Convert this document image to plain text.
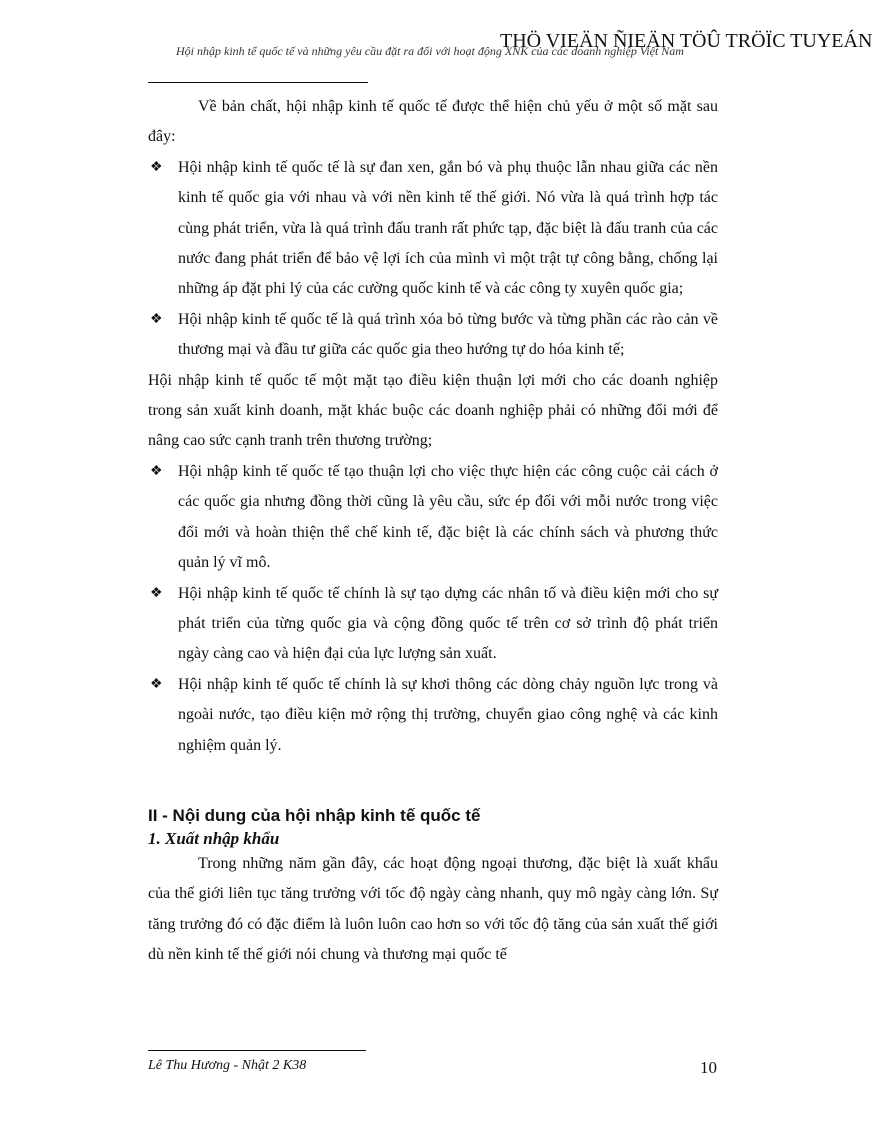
Hội nhập kinh tế quốc tế và những yêu cầu đặt ra đối với hoạt động XNK của các doanh nghiệp Việt Nam
THÖ VIEÄN ÑIEÄN TÖÛ TRÖÏC TUYEÁN

Về bản chất, hội nhập kinh tế quốc tế được thể hiện chủ yếu ở một số mặt sau đây:

❖ Hội nhập kinh tế quốc tế là sự đan xen, gắn bó và phụ thuộc lẫn nhau giữa các nền kinh tế quốc gia với nhau và với nền kinh tế thế giới. Nó vừa là quá trình hợp tác cùng phát triển, vừa là quá trình đấu tranh rất phức tạp, đặc biệt là đấu tranh của các nước đang phát triển để bảo vệ lợi ích của mình vì một trật tự công bằng, chống lại những áp đặt phi lý của các cường quốc kinh tế và các công ty xuyên quốc gia;

❖ Hội nhập kinh tế quốc tế là quá trình xóa bỏ từng bước và từng phần các rào cản về thương mại và đầu tư giữa các quốc gia theo hướng tự do hóa kinh tế;

Hội nhập kinh tế quốc tế một mặt tạo điều kiện thuận lợi mới cho các doanh nghiệp trong sản xuất kinh doanh, mặt khác buộc các doanh nghiệp phải có những đổi mới để nâng cao sức cạnh tranh trên thương trường;

❖ Hội nhập kinh tế quốc tế tạo thuận lợi cho việc thực hiện các công cuộc cải cách ở các quốc gia nhưng đồng thời cũng là yêu cầu, sức ép đối với mỗi nước trong việc đổi mới và hoàn thiện thể chế kinh tế, đặc biệt là các chính sách và phương thức quản lý vĩ mô.

❖ Hội nhập kinh tế quốc tế chính là sự tạo dựng các nhân tố và điều kiện mới cho sự phát triển của từng quốc gia và cộng đồng quốc tế trên cơ sở trình độ phát triển ngày càng cao và hiện đại của lực lượng sản xuất.

❖ Hội nhập kinh tế quốc tế chính là sự khơi thông các dòng chảy nguồn lực trong và ngoài nước, tạo điều kiện mở rộng thị trường, chuyển giao công nghệ và các kinh nghiệm quản lý.

II - Nội dung của hội nhập kinh tế quốc tế
1. Xuất nhập khẩu

Trong những năm gần đây, các hoạt động ngoại thương, đặc biệt là xuất khẩu của thế giới liên tục tăng trưởng với tốc độ ngày càng nhanh, quy mô ngày càng lớn. Sự tăng trưởng đó có đặc điểm là luôn luôn cao hơn so với tốc độ tăng của sản xuất thế giới dù nền kinh tế thế giới nói chung và thương mại quốc tế

Lê Thu Hương - Nhật 2 K38	10
